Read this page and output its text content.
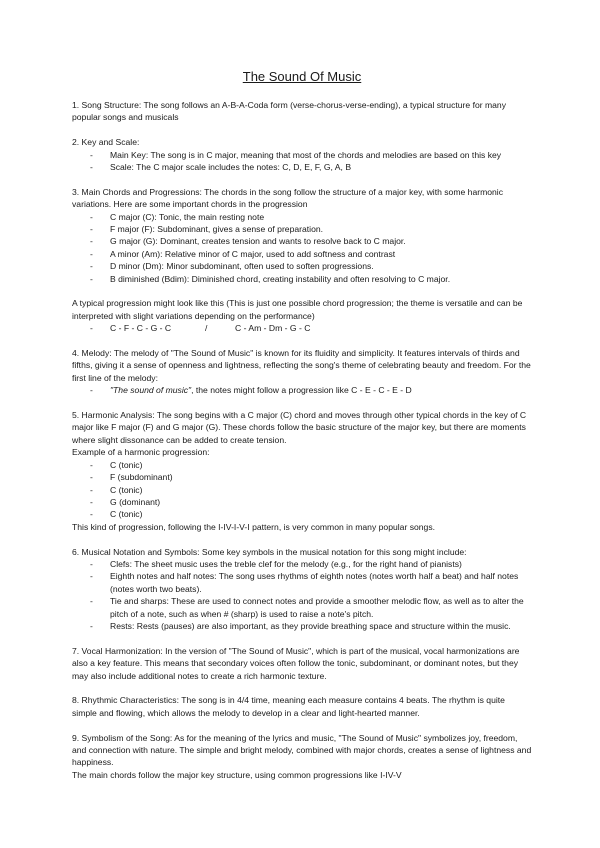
The Sound Of Music

1. Song Structure: The song follows an A-B-A-Coda form (verse-chorus-verse-ending), a typical structure for many popular songs and musicals

2. Key and Scale:

- Main Key: The song is in C major, meaning that most of the chords and melodies are based on this key
- Scale: The C major scale includes the notes: C, D, E, F, G, A, B

3. Main Chords and Progressions: The chords in the song follow the structure of a major key, with some harmonic variations. Here are some important chords in the progression

- C major (C): Tonic, the main resting note
- F major (F): Subdominant, gives a sense of preparation.
- G major (G): Dominant, creates tension and wants to resolve back to C major.
- A minor (Am): Relative minor of C major, used to add softness and contrast
- D minor (Dm): Minor subdominant, often used to soften progressions.
- B diminished (Bdim): Diminished chord, creating instability and often resolving to C major.

A typical progression might look like this (This is just one possible chord progression; the theme is versatile and can be interpreted with slight variations depending on the performance)

- C - F - C - G - C	/	C - Am - Dm - G - C

4. Melody: The melody of "The Sound of Music" is known for its fluidity and simplicity. It features intervals of thirds and fifths, giving it a sense of openness and lightness, reflecting the song's theme of celebrating beauty and freedom. For the first line of the melody:

- "The sound of music", the notes might follow a progression like C - E - C - E - D

5. Harmonic Analysis: The song begins with a C major (C) chord and moves through other typical chords in the key of C major like F major (F) and G major (G). These chords follow the basic structure of the major key, but there are moments where slight dissonance can be added to create tension.

Example of a harmonic progression:

- C (tonic)
- F (subdominant)
- C (tonic)
- G (dominant)
- C (tonic)

This kind of progression, following the I-IV-I-V-I pattern, is very common in many popular songs.

6. Musical Notation and Symbols: Some key symbols in the musical notation for this song might include:

- Clefs: The sheet music uses the treble clef for the melody (e.g., for the right hand of pianists)
- Eighth notes and half notes: The song uses rhythms of eighth notes (notes worth half a beat) and half notes (notes worth two beats).
- Tie and sharps: These are used to connect notes and provide a smoother melodic flow, as well as to alter the pitch of a note, such as when # (sharp) is used to raise a note's pitch.
- Rests: Rests (pauses) are also important, as they provide breathing space and structure within the music.

7. Vocal Harmonization: In the version of "The Sound of Music", which is part of the musical, vocal harmonizations are also a key feature. This means that secondary voices often follow the tonic, subdominant, or dominant notes, but they may also include additional notes to create a rich harmonic texture.

8. Rhythmic Characteristics: The song is in 4/4 time, meaning each measure contains 4 beats. The rhythm is quite simple and flowing, which allows the melody to develop in a clear and light-hearted manner.

9. Symbolism of the Song: As for the meaning of the lyrics and music, "The Sound of Music" symbolizes joy, freedom, and connection with nature. The simple and bright melody, combined with major chords, creates a sense of lightness and happiness.

The main chords follow the major key structure, using common progressions like I-IV-V
